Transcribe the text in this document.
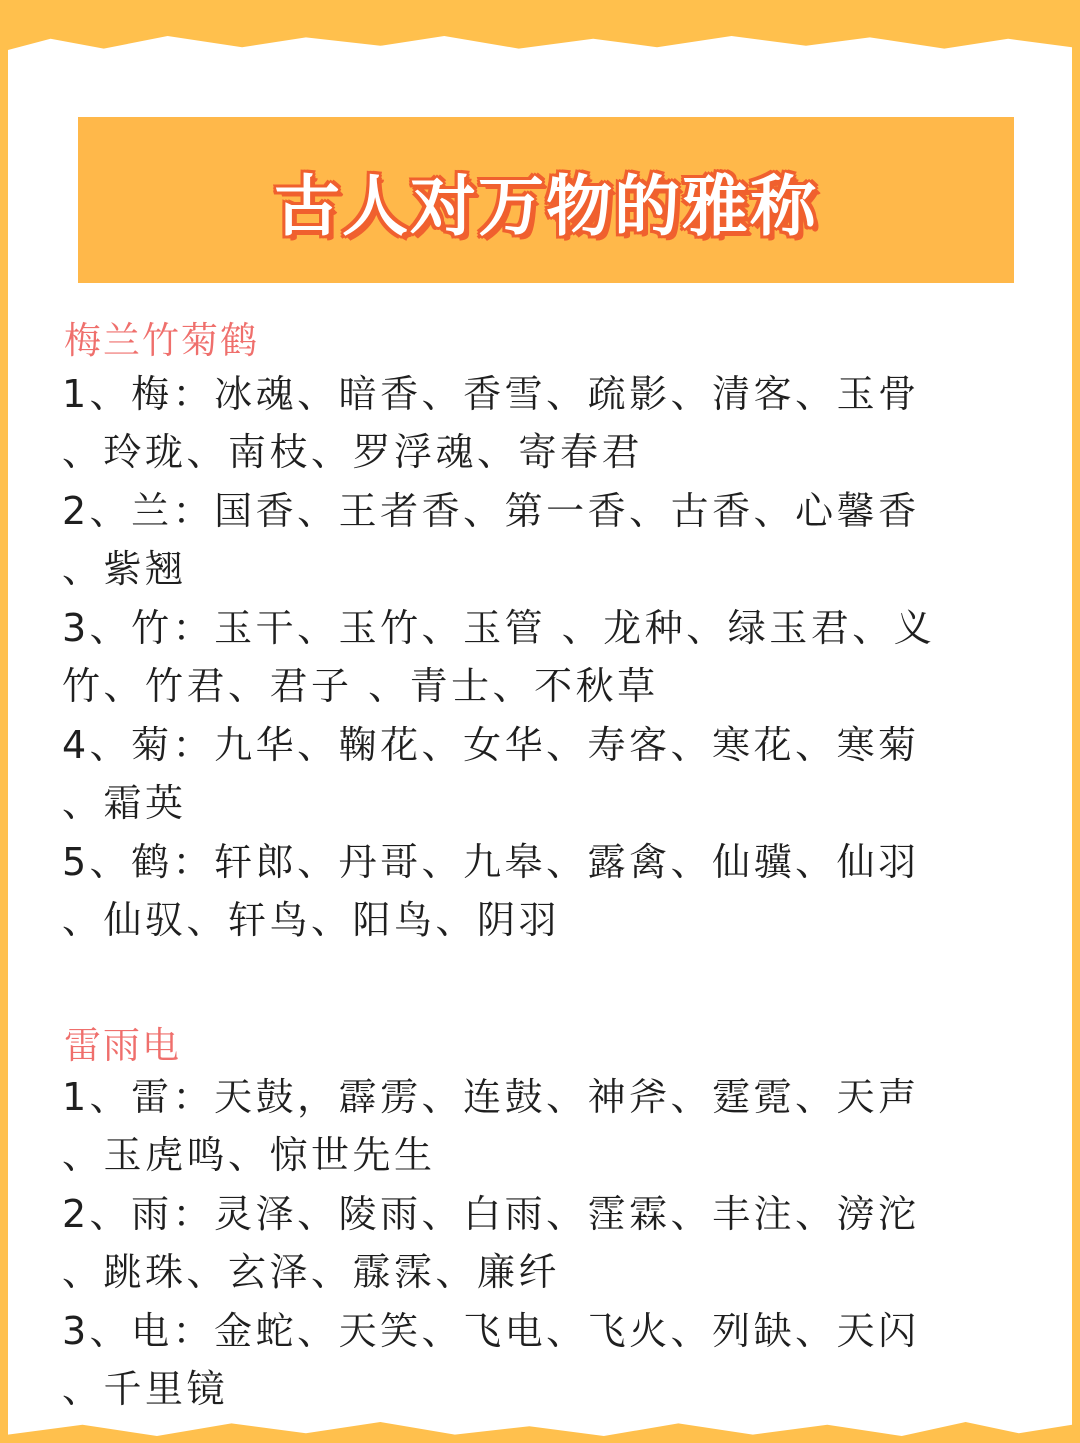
古人对万物的雅称
梅兰竹菊鹤
1、梅：冰魂、暗香、香雪、疏影、清客、玉骨
、玲珑、南枝、罗浮魂、寄春君
2、兰：国香、王者香、第一香、古香、心馨香
、紫翘
3、竹：玉干、玉竹、玉管 、龙种、绿玉君、义
竹、竹君、君子 、青士、不秋草
4、菊：九华、鞠花、女华、寿客、寒花、寒菊
、霜英
5、鹤：轩郎、丹哥、九皋、露禽、仙骥、仙羽
、仙驭、轩鸟、阳鸟、阴羽
雷雨电
1、雷：天鼓，霹雳、连鼓、神斧、霆霓、天声
、玉虎鸣、惊世先生
2、雨：灵泽、陵雨、白雨、霔霖、丰注、滂沱
、跳珠、玄泽、霡霂、廉纤
3、电：金蛇、天笑、飞电、飞火、列缺、天闪
、千里镜
